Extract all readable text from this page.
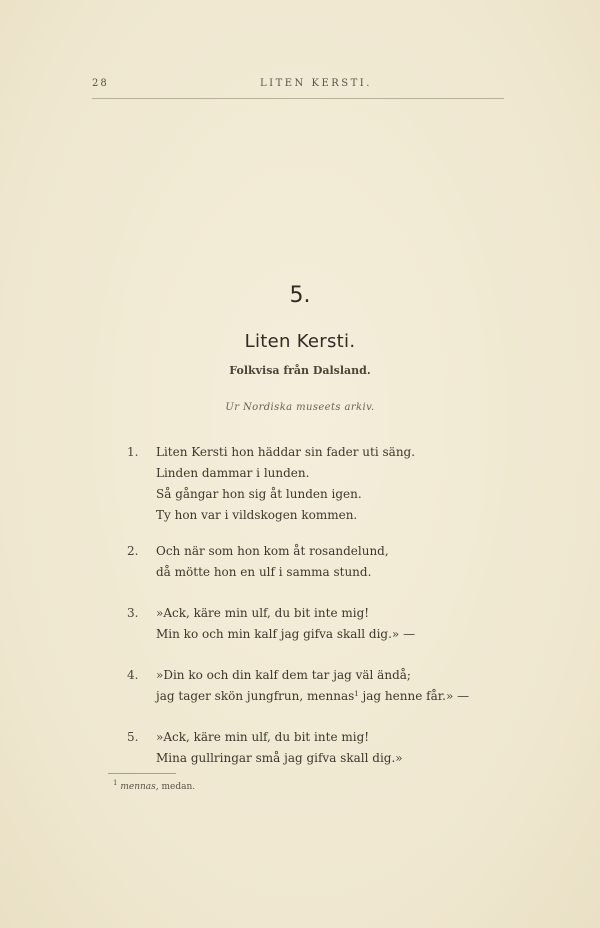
28	LITEN KERSTI.
5.
Liten Kersti.
Folkvisa från Dalsland.
Ur Nordiska museets arkiv.
1. Liten Kersti hon häddar sin fader uti säng.
Linden dammar i lunden.
Så gångar hon sig åt lunden igen.
Ty hon var i vildskogen kommen.
2. Och när som hon kom åt rosandelund,
då mötte hon en ulf i samma stund.
3. »Ack, käre min ulf, du bit inte mig!
Min ko och min kalf jag gifva skall dig.» —
4. »Din ko och din kalf dem tar jag väl ändå;
jag tager skön jungfrun, mennas$^1$ jag henne får.» —
5. »Ack, käre min ulf, du bit inte mig!
Mina gullringar små jag gifva skall dig.»
$^1$ mennas, medan.
